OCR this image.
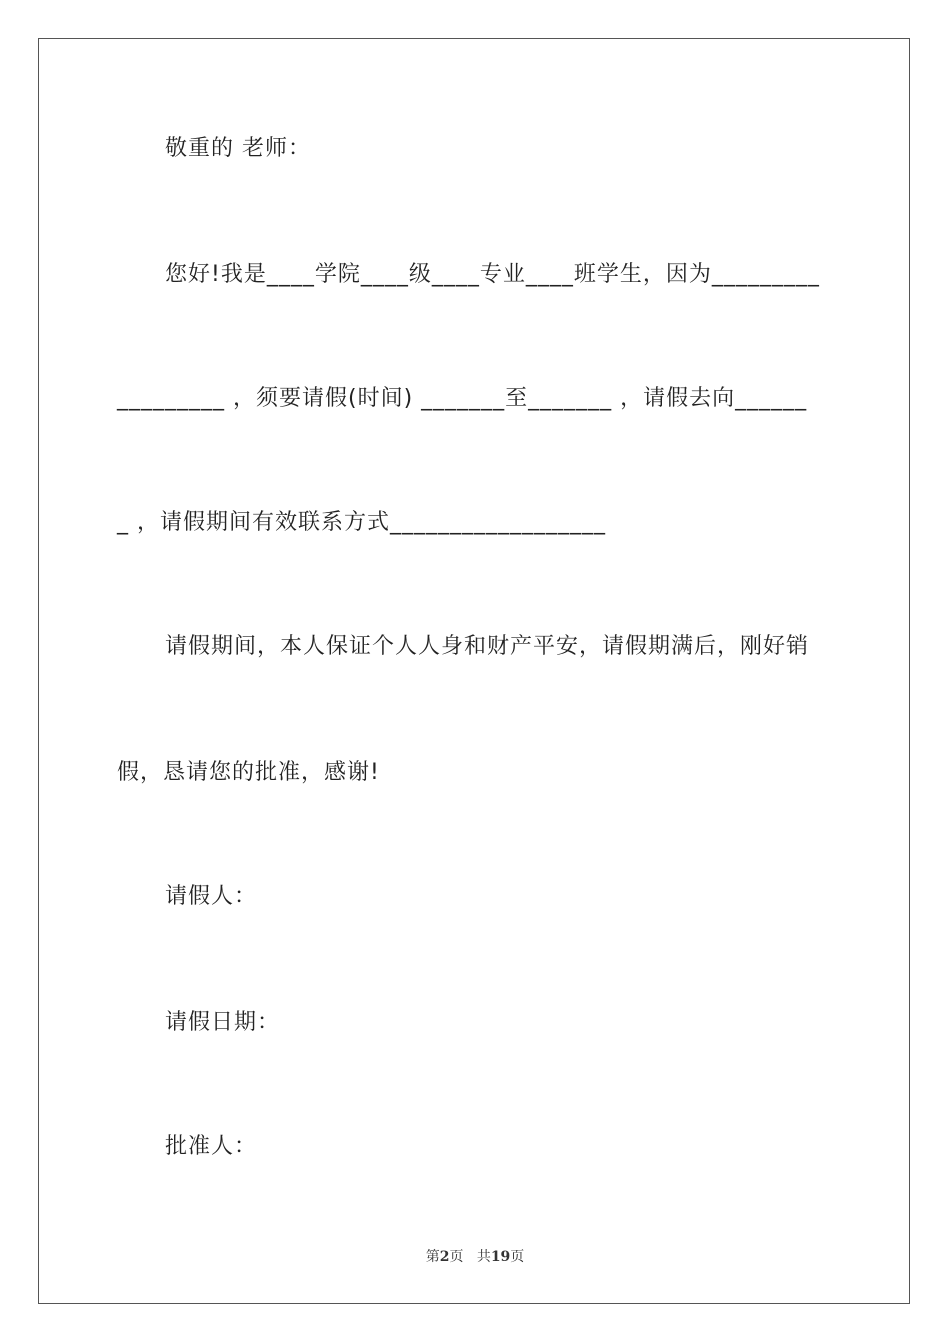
敬重的 老师：
您好!我是____学院____级____专业____班学生，因为_________
_________ ，须要请假(时间) _______至_______ ，请假去向______
_ ，请假期间有效联系方式__________________
请假期间，本人保证个人人身和财产平安，请假期满后，刚好销
假，恳请您的批准，感谢!
请假人：
请假日期：
批准人：
第2页 共19页
